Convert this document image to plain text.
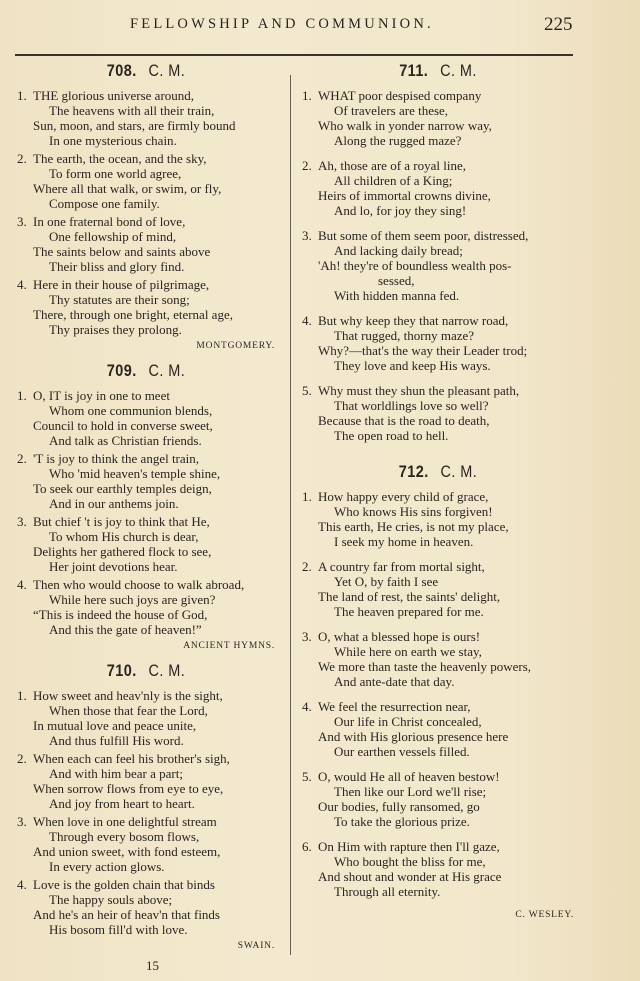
FELLOWSHIP AND COMMUNION.	225
708. C. M.
1. THE glorious universe around,
The heavens with all their train,
Sun, moon, and stars, are firmly bound
In one mysterious chain.
2. The earth, the ocean, and the sky,
To form one world agree,
Where all that walk, or swim, or fly,
Compose one family.
3. In one fraternal bond of love,
One fellowship of mind,
The saints below and saints above
Their bliss and glory find.
4. Here in their house of pilgrimage,
Thy statutes are their song;
There, through one bright, eternal age,
Thy praises they prolong.
MONTGOMERY.
709. C. M.
1. O, IT is joy in one to meet
Whom one communion blends,
Council to hold in converse sweet,
And talk as Christian friends.
2. 'T is joy to think the angel train,
Who 'mid heaven's temple shine,
To seek our earthly temples deign,
And in our anthems join.
3. But chief 't is joy to think that He,
To whom His church is dear,
Delights her gathered flock to see,
Her joint devotions hear.
4. Then who would choose to walk abroad,
While here such joys are given?
“This is indeed the house of God,
And this the gate of heaven!”
ANCIENT HYMNS.
710. C. M.
1. How sweet and heav'nly is the sight,
When those that fear the Lord,
In mutual love and peace unite,
And thus fulfill His word.
2. When each can feel his brother's sigh,
And with him bear a part;
When sorrow flows from eye to eye,
And joy from heart to heart.
3. When love in one delightful stream
Through every bosom flows,
And union sweet, with fond esteem,
In every action glows.
4. Love is the golden chain that binds
The happy souls above;
And he's an heir of heav'n that finds
His bosom fill'd with love.
SWAIN.
711. C. M.
1. WHAT poor despised company
Of travelers are these,
Who walk in yonder narrow way,
Along the rugged maze?
2. Ah, those are of a royal line,
All children of a King;
Heirs of immortal crowns divine,
And lo, for joy they sing!
3. But some of them seem poor, distressed,
And lacking daily bread;
'Ah! they're of boundless wealth pos-
sessed,
With hidden manna fed.
4. But why keep they that narrow road,
That rugged, thorny maze?
Why?—that's the way their Leader trod;
They love and keep His ways.
5. Why must they shun the pleasant path,
That worldlings love so well?
Because that is the road to death,
The open road to hell.
712. C. M.
1. How happy every child of grace,
Who knows His sins forgiven!
This earth, He cries, is not my place,
I seek my home in heaven.
2. A country far from mortal sight,
Yet O, by faith I see
The land of rest, the saints' delight,
The heaven prepared for me.
3. O, what a blessed hope is ours!
While here on earth we stay,
We more than taste the heavenly powers,
And ante-date that day.
4. We feel the resurrection near,
Our life in Christ concealed,
And with His glorious presence here
Our earthen vessels filled.
5. O, would He all of heaven bestow!
Then like our Lord we'll rise;
Our bodies, fully ransomed, go
To take the glorious prize.
6. On Him with rapture then I'll gaze,
Who bought the bliss for me,
And shout and wonder at His grace
Through all eternity.
C. WESLEY.
15
